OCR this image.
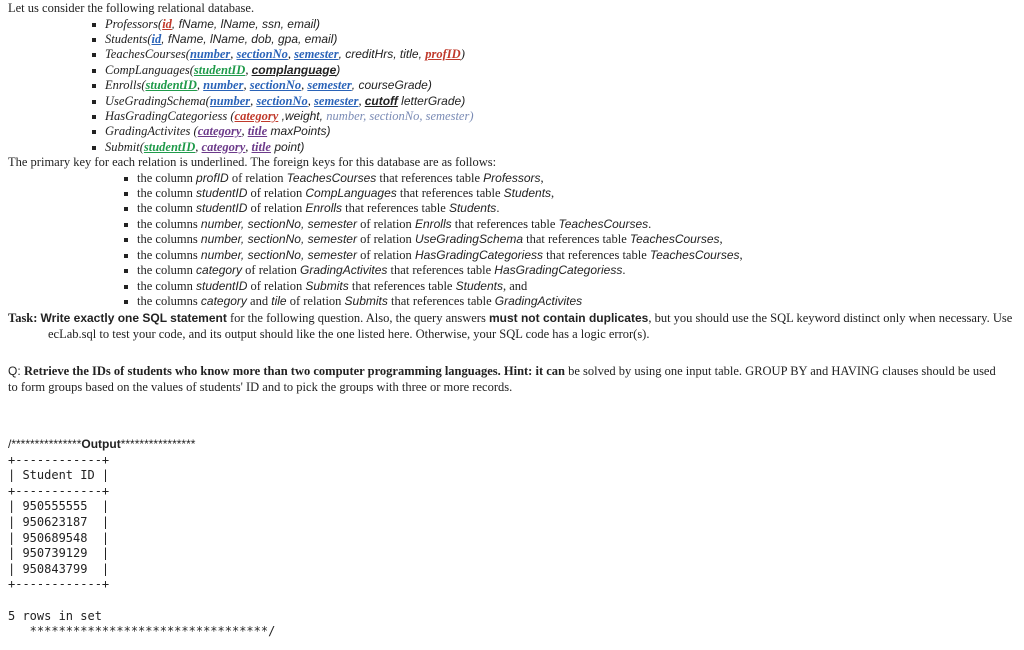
Let us consider the following relational database.
Professors(id, fName, lName, ssn, email)
Students(id, fName, lName, dob, gpa, email)
TeachesCourses(number, sectionNo, semester, creditHrs, title, profID)
CompLanguages(studentID, complanguage)
Enrolls(studentID, number, sectionNo, semester, courseGrade)
UseGradingSchema(number, sectionNo, semester, cutoff letterGrade)
HasGradingCategoriess (category ,weight, number, sectionNo, semester)
GradingActivites (category, title maxPoints)
Submit(studentID, category, title point)
The primary key for each relation is underlined. The foreign keys for this database are as follows:
the column profID of relation TeachesCourses that references table Professors,
the column studentID of relation CompLanguages that references table Students,
the column studentID of relation Enrolls that references table Students.
the columns number, sectionNo, semester of relation Enrolls that references table TeachesCourses.
the columns number, sectionNo, semester of relation UseGradingSchema that references table TeachesCourses,
the columns number, sectionNo, semester of relation HasGradingCategoriess that references table TeachesCourses,
the column category of relation GradingActivites that references table HasGradingCategoriess.
the column studentID of relation Submits that references table Students, and
the columns category and tile of relation Submits that references table GradingActivites
Task: Write exactly one SQL statement for the following question. Also, the query answers must not contain duplicates, but you should use the SQL keyword distinct only when necessary. Use ecLab.sql to test your code, and its output should like the one listed here. Otherwise, your SQL code has a logic error(s).
Q: Retrieve the IDs of students who know more than two computer programming languages. Hint: it can be solved by using one input table. GROUP BY and HAVING clauses should be used to form groups based on the values of students' ID and to pick the groups with three or more records.
/***************Output****************
+------------+
| Student ID |
+------------+
| 950555555  |
| 950623187  |
| 950689548  |
| 950739129  |
| 950843799  |
+------------+

5 rows in set
*********************************/
